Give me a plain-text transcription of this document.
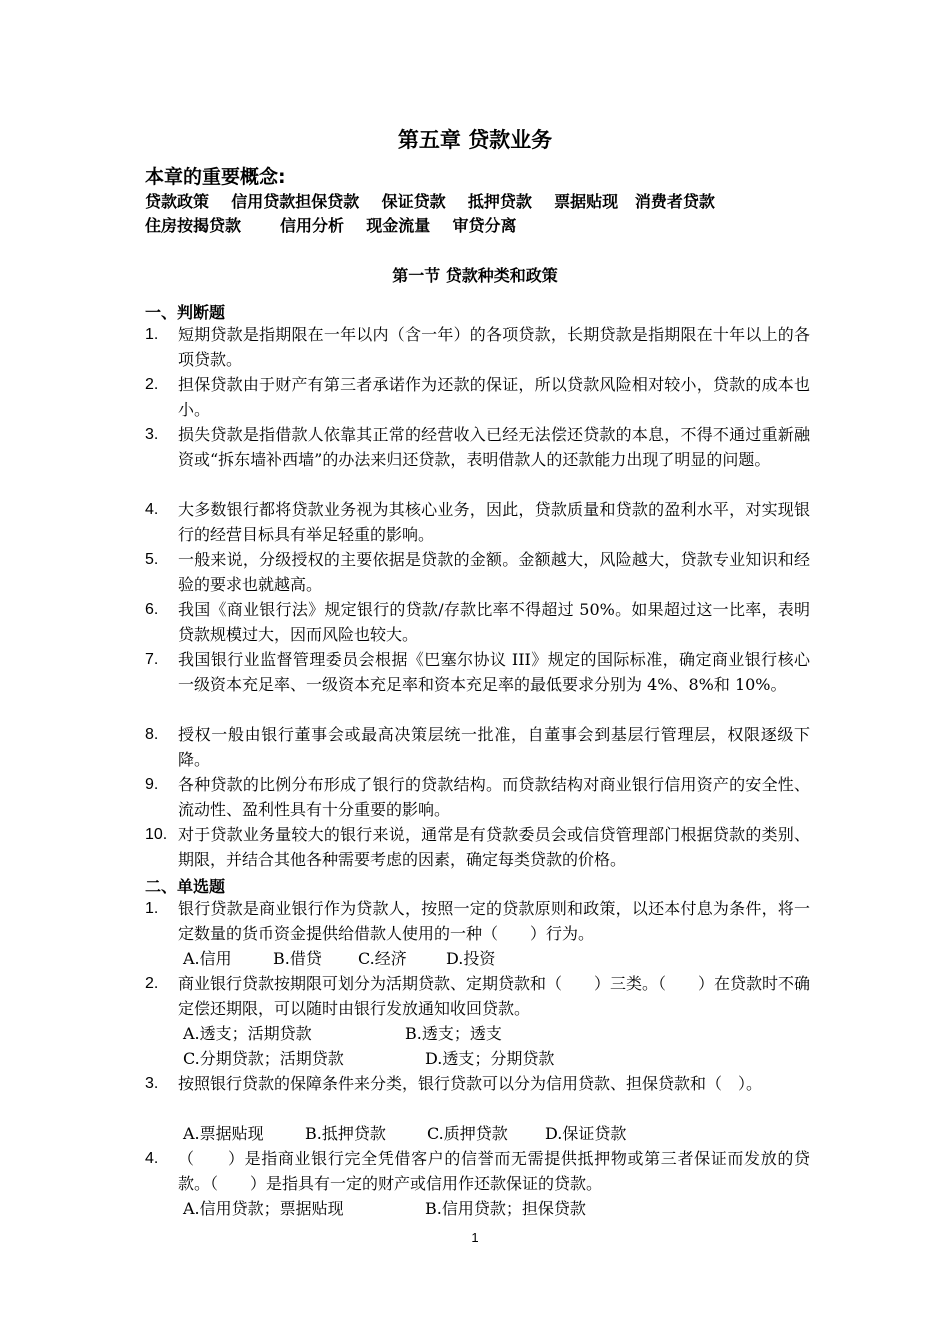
第五章 贷款业务
本章的重要概念:
贷款政策    信用贷款担保贷款    保证贷款    抵押贷款    票据贴现   消费者贷款
住房按揭贷款       信用分析    现金流量    审贷分离
第一节 贷款种类和政策
一、判断题
1. 短期贷款是指期限在一年以内（含一年）的各项贷款，长期贷款是指期限在十年以上的各项贷款。
2. 担保贷款由于财产有第三者承诺作为还款的保证，所以贷款风险相对较小，贷款的成本也小。
3. 损失贷款是指借款人依靠其正常的经营收入已经无法偿还贷款的本息，不得不通过重新融资或“拆东墙补西墙”的办法来归还贷款，表明借款人的还款能力出现了明显的问题。
4. 大多数银行都将贷款业务视为其核心业务，因此，贷款质量和贷款的盈利水平，对实现银行的经营目标具有举足轻重的影响。
5. 一般来说，分级授权的主要依据是贷款的金额。金额越大，风险越大，贷款专业知识和经验的要求也就越高。
6. 我国《商业银行法》规定银行的贷款/存款比率不得超过 50%。如果超过这一比率，表明贷款规模过大，因而风险也较大。
7. 我国银行业监督管理委员会根据《巴塞尔协议 III》规定的国际标准，确定商业银行核心一级资本充足率、一级资本充足率和资本充足率的最低要求分别为 4%、8%和 10%。
8. 授权一般由银行董事会或最高决策层统一批准，自董事会到基层行管理层，权限逐级下降。
9. 各种贷款的比例分布形成了银行的贷款结构。而贷款结构对商业银行信用资产的安全性、流动性、盈利性具有十分重要的影响。
10. 对于贷款业务量较大的银行来说，通常是有贷款委员会或信贷管理部门根据贷款的类别、期限，并结合其他各种需要考虑的因素，确定每类贷款的价格。
二、单选题
1. 银行贷款是商业银行作为贷款人，按照一定的贷款原则和政策，以还本付息为条件，将一定数量的货币资金提供给借款人使用的一种（　　）行为。
A.信用	B.借贷 C.经济 D.投资
2. 商业银行贷款按期限可划分为活期贷款、定期贷款和（　　）三类。（　　）在贷款时不确定偿还期限，可以随时由银行发放通知收回贷款。
A.透支；活期贷款	B.透支；透支
C.分期贷款；活期贷款	D.透支；分期贷款
3. 按照银行贷款的保障条件来分类，银行贷款可以分为信用贷款、担保贷款和（　）。
A.票据贴现	B.抵押贷款	C.质押贷款 D.保证贷款
4. （　　）是指商业银行完全凭借客户的信誉而无需提供抵押物或第三者保证而发放的贷款。（　　）是指具有一定的财产或信用作还款保证的贷款。
A.信用贷款；票据贴现	B.信用贷款；担保贷款
1
